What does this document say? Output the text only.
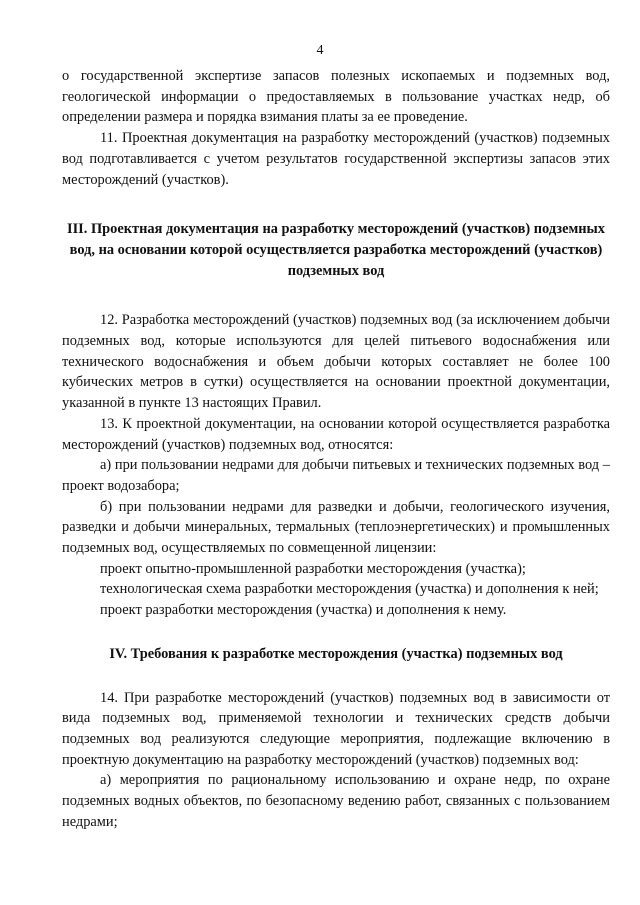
4

о государственной экспертизе запасов полезных ископаемых и подземных вод, геологической информации о предоставляемых в пользование участках недр, об определении размера и порядка взимания платы за ее проведение.

11. Проектная документация на разработку месторождений (участков) подземных вод подготавливается с учетом результатов государственной экспертизы запасов этих месторождений (участков).

III. Проектная документация на разработку месторождений (участков) подземных вод, на основании которой осуществляется разработка месторождений (участков) подземных вод

12. Разработка месторождений (участков) подземных вод (за исключением добычи подземных вод, которые используются для целей питьевого водоснабжения или технического водоснабжения и объем добычи которых составляет не более 100 кубических метров в сутки) осуществляется на основании проектной документации, указанной в пункте 13 настоящих Правил.

13. К проектной документации, на основании которой осуществляется разработка месторождений (участков) подземных вод, относятся:

а) при пользовании недрами для добычи питьевых и технических подземных вод – проект водозабора;

б) при пользовании недрами для разведки и добычи, геологического изучения, разведки и добычи минеральных, термальных (теплоэнергетических) и промышленных подземных вод, осуществляемых по совмещенной лицензии:

проект опытно-промышленной разработки месторождения (участка);

технологическая схема разработки месторождения (участка) и дополнения к ней;

проект разработки месторождения (участка) и дополнения к нему.

IV. Требования к разработке месторождения (участка) подземных вод

14. При разработке месторождений (участков) подземных вод в зависимости от вида подземных вод, применяемой технологии и технических средств добычи подземных вод реализуются следующие мероприятия, подлежащие включению в проектную документацию на разработку месторождений (участков) подземных вод:

а) мероприятия по рациональному использованию и охране недр, по охране подземных водных объектов, по безопасному ведению работ, связанных с пользованием недрами;
